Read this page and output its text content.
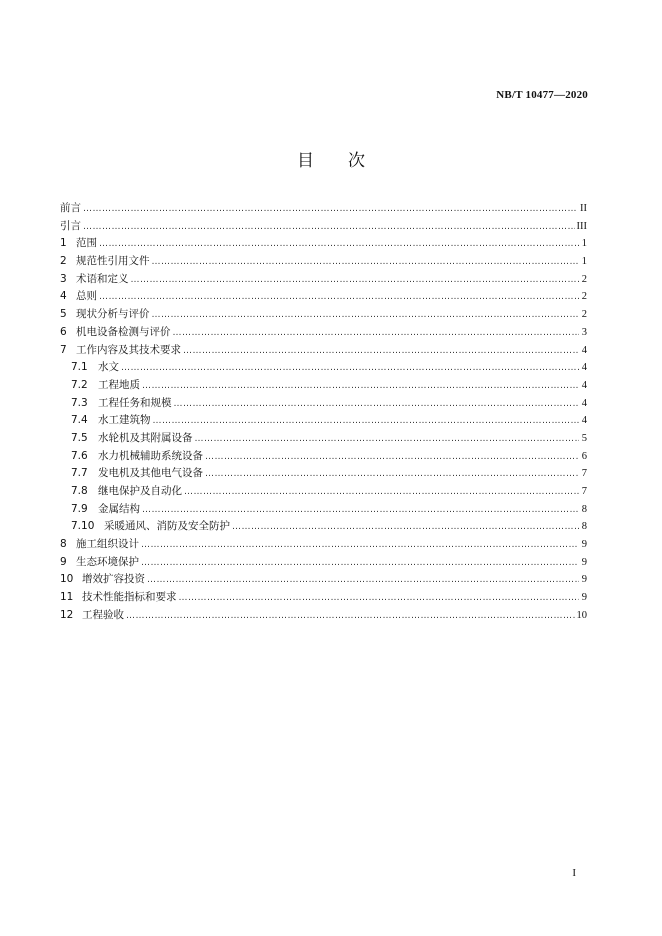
NB/T 10477—2020
目 次
前言 …………………………………………………………………………………………………………………………………………………………………………………………………………………………………………	II
引言 …………………………………………………………………………………………………………………………………………………………………………………………………………………………………………	III
1 范围 …………………………………………………………………………………………………………………………………………………………………………………………………………………………………………	1
2 规范性引用文件 …………………………………………………………………………………………………………………………………………………………………………………………………………………………………………	1
3 术语和定义 …………………………………………………………………………………………………………………………………………………………………………………………………………………………………………	2
4 总则 …………………………………………………………………………………………………………………………………………………………………………………………………………………………………………	2
5 现状分析与评价 …………………………………………………………………………………………………………………………………………………………………………………………………………………………………………	2
6 机电设备检测与评价 …………………………………………………………………………………………………………………………………………………………………………………………………………………………………………	3
7 工作内容及其技术要求 …………………………………………………………………………………………………………………………………………………………………………………………………………………………………………	4
7.1 水文 …………………………………………………………………………………………………………………………………………………………………………………………………………………………………………	4
7.2 工程地质 …………………………………………………………………………………………………………………………………………………………………………………………………………………………………………	4
7.3 工程任务和规模 …………………………………………………………………………………………………………………………………………………………………………………………………………………………………………	4
7.4 水工建筑物 …………………………………………………………………………………………………………………………………………………………………………………………………………………………………………	4
7.5 水轮机及其附属设备 …………………………………………………………………………………………………………………………………………………………………………………………………………………………………………	5
7.6 水力机械辅助系统设备 …………………………………………………………………………………………………………………………………………………………………………………………………………………………………………	6
7.7 发电机及其他电气设备 …………………………………………………………………………………………………………………………………………………………………………………………………………………………………………	7
7.8 继电保护及自动化 …………………………………………………………………………………………………………………………………………………………………………………………………………………………………………	7
7.9 金属结构 …………………………………………………………………………………………………………………………………………………………………………………………………………………………………………	8
7.10 采暖通风、消防及安全防护 …………………………………………………………………………………………………………………………………………………………………………………………………………………………………………	8
8 施工组织设计 …………………………………………………………………………………………………………………………………………………………………………………………………………………………………………	9
9 生态环境保护 …………………………………………………………………………………………………………………………………………………………………………………………………………………………………………	9
10 增效扩容投资 …………………………………………………………………………………………………………………………………………………………………………………………………………………………………………	9
11 技术性能指标和要求 …………………………………………………………………………………………………………………………………………………………………………………………………………………………………………	9
12 工程验收 …………………………………………………………………………………………………………………………………………………………………………………………………………………………………………	10
I
